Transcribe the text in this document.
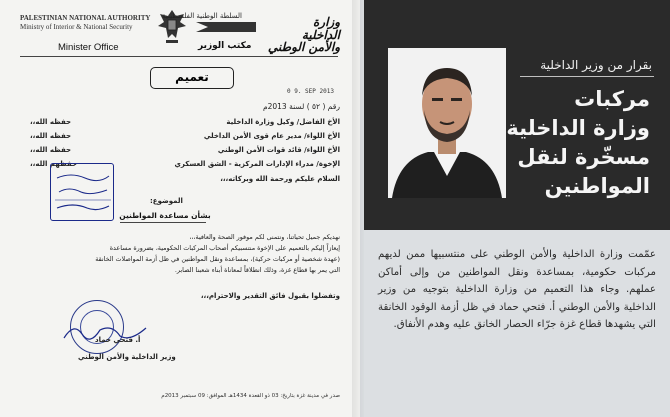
PALESTINIAN NATIONAL AUTHORITY
Ministry of Interior & National Security
السلطة الوطنية الفلسطينية	وزارة
الداخلية
والأمن الوطني
Minister Office	مكتب الوزير
تعميم
0 9. SEP 2013
رقم ( ٥٢ ) لسنة 2013م
الأخ الفاضل/ وكيل وزارة الداخلية
حفظه الله،،
الأخ اللواء/ مدير عام قوى الأمن الداخلي
حفظه الله،،
الأخ اللواء/ قائد قوات الأمن الوطني
حفظه الله،،
الإخوة/ مدراء الإدارات المركزية - الشق العسكري
حفظهم الله،،
السلام عليكم ورحمة الله وبركاته،،،
الموضوع:
بشأن مساعدة المواطنين
نهديكم جميل تحياتنا، ونتمنى لكم موفور الصحة والعافية،،،
إيعازاً إليكم بالتعميم على الإخوة منتسبيكم أصحاب المركبات الحكومية، بضرورة مساعدة
(عهدة شخصية أو مركبات حركية)، بمساعدة ونقل المواطنين في ظل أزمة المواصلات الخانقة
التي يمر بها قطاع غزة، وذلك انطلاقاً لمعاناة أبناء شعبنا الصابر.
وتفضلوا بقبول فائق التقدير والاحترام،،،
أ. فتحي حماد
وزير الداخلية والأمن الوطني
صدر في مدينة غزة بتاريخ: 03 ذو القعدة 1434هـ الموافق: 09 سبتمبر 2013م
بقرار من وزير الداخلية
مركبات
وزارة الداخلية
مسخّرة لنقل
المواطنين
عمّمت وزارة الداخلية والأمن الوطني على منتسبيها ممن لديهم مركبات حكومية، بمساعدة ونقل المواطنين من وإلى أماكن عملهم. وجاء هذا التعميم من وزارة الداخلية بتوجيه من وزير الداخلية والأمن الوطني أ. فتحي حماد في ظل أزمة الوقود الخانقة التي يشهدها قطاع غزة جرّاء الحصار الخانق عليه وهدم الأنفاق.
